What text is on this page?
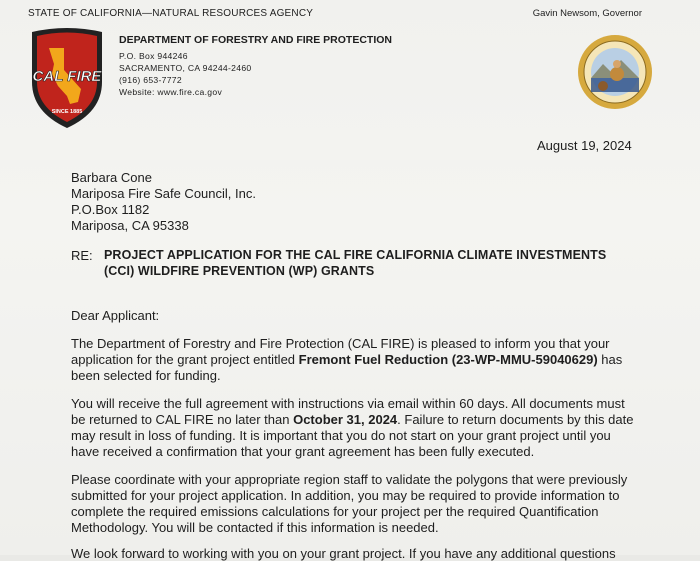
STATE OF CALIFORNIA—NATURAL RESOURCES AGENCY	Gavin Newsom, Governor
CAL FIRE
SINCE 1885
DEPARTMENT OF FORESTRY AND FIRE PROTECTION
P.O. Box 944246
SACRAMENTO, CA 94244-2460
(916) 653-7772
Website: www.fire.ca.gov
August 19, 2024
Barbara Cone
Mariposa Fire Safe Council, Inc.
P.O.Box 1182
Mariposa, CA 95338
RE: PROJECT APPLICATION FOR THE CAL FIRE CALIFORNIA CLIMATE INVESTMENTS
(CCI) WILDFIRE PREVENTION (WP) GRANTS
Dear Applicant:
The Department of Forestry and Fire Protection (CAL FIRE) is pleased to inform you that your
application for the grant project entitled Fremont Fuel Reduction (23-WP-MMU-59040629) has
been selected for funding.
You will receive the full agreement with instructions via email within 60 days. All documents must
be returned to CAL FIRE no later than October 31, 2024. Failure to return documents by this date
may result in loss of funding. It is important that you do not start on your grant project until you
have received a confirmation that your grant agreement has been fully executed.
Please coordinate with your appropriate region staff to validate the polygons that were previously
submitted for your project application. In addition, you may be required to provide information to
complete the required emissions calculations for your project per the required Quantification
Methodology. You will be contacted if this information is needed.
We look forward to working with you on your grant project. If you have any additional questions
